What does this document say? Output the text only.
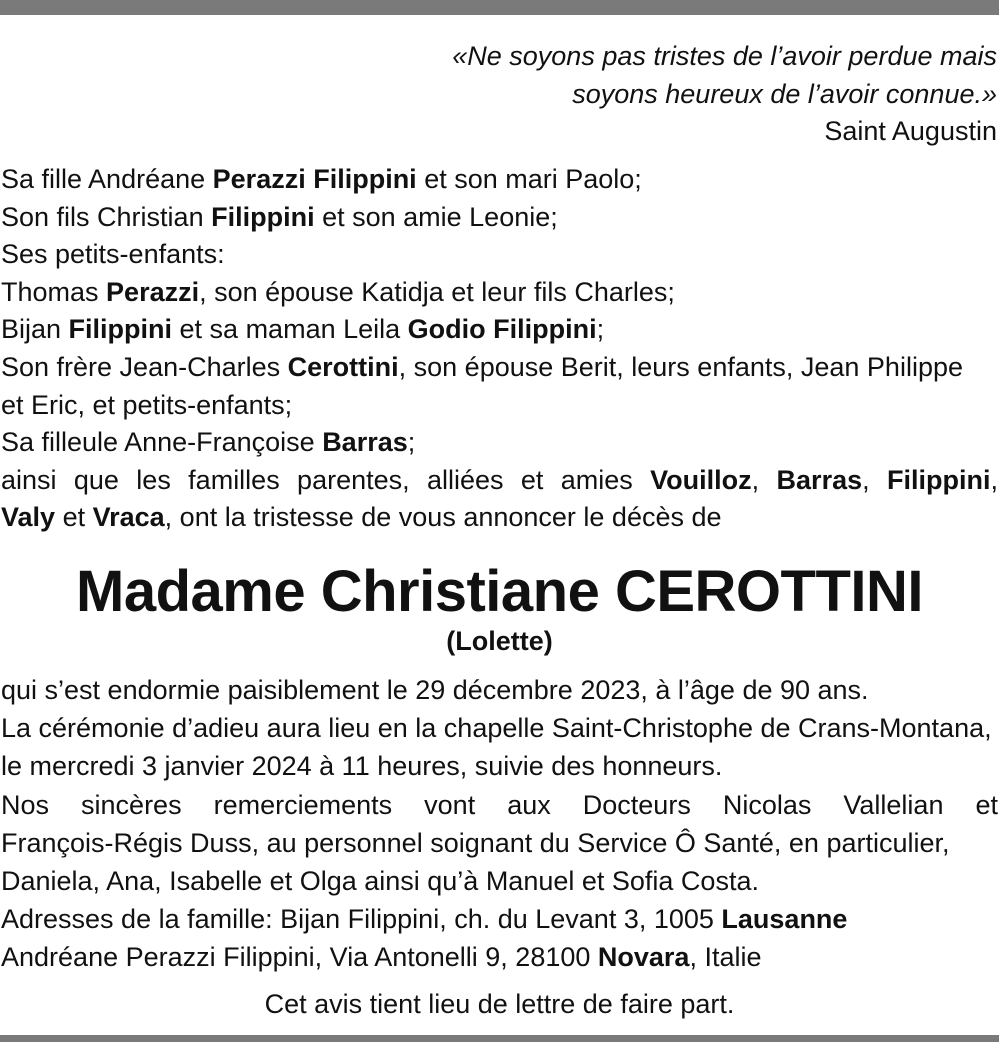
«Ne soyons pas tristes de l’avoir perdue mais
soyons heureux de l’avoir connue.»
Saint Augustin
Sa fille Andréane Perazzi Filippini et son mari Paolo;
Son fils Christian Filippini et son amie Leonie;
Ses petits-enfants:
Thomas Perazzi, son épouse Katidja et leur fils Charles;
Bijan Filippini et sa maman Leila Godio Filippini;
Son frère Jean-Charles Cerottini, son épouse Berit, leurs enfants, Jean Philippe
et Eric, et petits-enfants;
Sa filleule Anne-Françoise Barras;
ainsi que les familles parentes, alliées et amies Vouilloz, Barras, Filippini,
Valy et Vraca, ont la tristesse de vous annoncer le décès de
Madame Christiane CEROTTINI
(Lolette)
qui s’est endormie paisiblement le 29 décembre 2023, à l’âge de 90 ans.
La cérémonie d’adieu aura lieu en la chapelle Saint-Christophe de Crans-Montana,
le mercredi 3 janvier 2024 à 11 heures, suivie des honneurs.
Nos sincères remerciements vont aux Docteurs Nicolas Vallelian et
François-Régis Duss, au personnel soignant du Service Ô Santé, en particulier,
Daniela, Ana, Isabelle et Olga ainsi qu’à Manuel et Sofia Costa.
Adresses de la famille: Bijan Filippini, ch. du Levant 3, 1005 Lausanne
Andréane Perazzi Filippini, Via Antonelli 9, 28100 Novara, Italie
Cet avis tient lieu de lettre de faire part.
